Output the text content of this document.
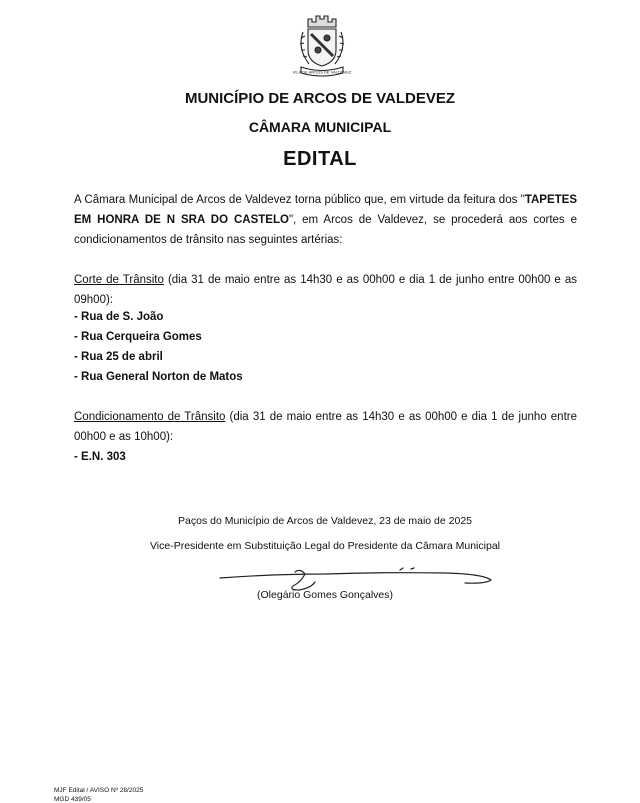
VILA DE ARCOS DE VALDEVEZ

MUNICÍPIO DE ARCOS DE VALDEVEZ

CÂMARA MUNICIPAL

EDITAL

A Câmara Municipal de Arcos de Valdevez torna público que, em virtude da feitura dos "TAPETES EM HONRA DE N SRA DO CASTELO", em Arcos de Valdevez, se procederá aos cortes e condicionamentos de trânsito nas seguintes artérias:

Corte de Trânsito (dia 31 de maio entre as 14h30 e as 00h00 e dia 1 de junho entre 00h00 e as 09h00):

- Rua de S. João
- Rua Cerqueira Gomes
- Rua 25 de abril
- Rua General Norton de Matos

Condicionamento de Trânsito (dia 31 de maio entre as 14h30 e as 00h00 e dia 1 de junho entre 00h00 e as 10h00):

- E.N. 303

Paços do Município de Arcos de Valdevez, 23 de maio de 2025

Vice-Presidente em Substituição Legal do Presidente da Câmara Municipal

(Olegário Gomes Gonçalves)

MJF Edital / AVISO Nº 28/2025

MGD 439/05
